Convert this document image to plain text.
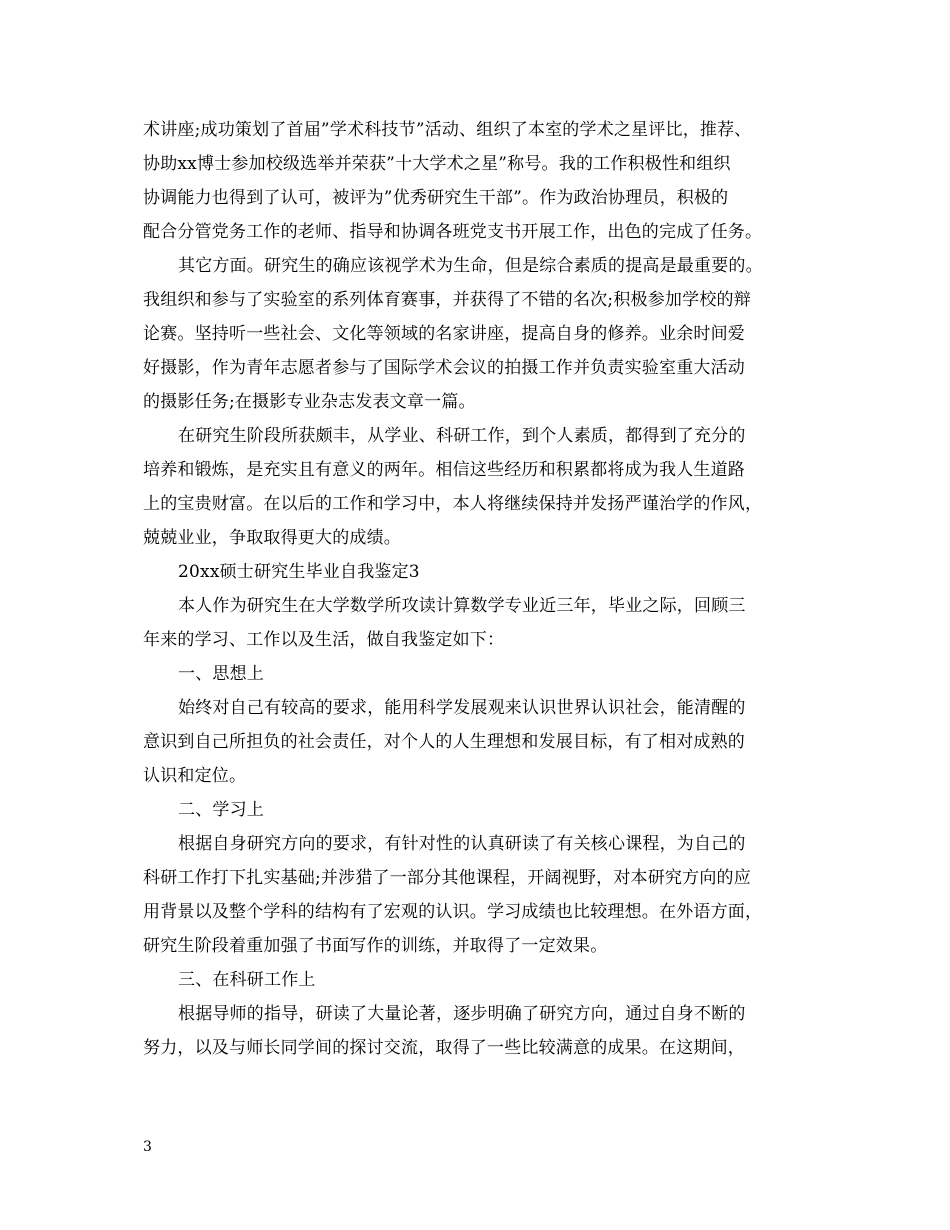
术讲座;成功策划了首届”学术科技节”活动、组织了本室的学术之星评比，推荐、
协助xx博士参加校级选举并荣获”十大学术之星”称号。我的工作积极性和组织
协调能力也得到了认可，被评为”优秀研究生干部”。作为政治协理员，积极的
配合分管党务工作的老师、指导和协调各班党支书开展工作，出色的完成了任务。
其它方面。研究生的确应该视学术为生命，但是综合素质的提高是最重要的。
我组织和参与了实验室的系列体育赛事，并获得了不错的名次;积极参加学校的辩
论赛。坚持听一些社会、文化等领域的名家讲座，提高自身的修养。业余时间爱
好摄影，作为青年志愿者参与了国际学术会议的拍摄工作并负责实验室重大活动
的摄影任务;在摄影专业杂志发表文章一篇。
在研究生阶段所获颇丰，从学业、科研工作，到个人素质，都得到了充分的
培养和锻炼，是充实且有意义的两年。相信这些经历和积累都将成为我人生道路
上的宝贵财富。在以后的工作和学习中，本人将继续保持并发扬严谨治学的作风，
兢兢业业，争取取得更大的成绩。
20xx硕士研究生毕业自我鉴定3
本人作为研究生在大学数学所攻读计算数学专业近三年，毕业之际，回顾三
年来的学习、工作以及生活，做自我鉴定如下：
一、思想上
始终对自己有较高的要求，能用科学发展观来认识世界认识社会，能清醒的
意识到自己所担负的社会责任，对个人的人生理想和发展目标，有了相对成熟的
认识和定位。
二、学习上
根据自身研究方向的要求，有针对性的认真研读了有关核心课程，为自己的
科研工作打下扎实基础;并涉猎了一部分其他课程，开阔视野，对本研究方向的应
用背景以及整个学科的结构有了宏观的认识。学习成绩也比较理想。在外语方面，
研究生阶段着重加强了书面写作的训练，并取得了一定效果。
三、在科研工作上
根据导师的指导，研读了大量论著，逐步明确了研究方向，通过自身不断的
努力，以及与师长同学间的探讨交流，取得了一些比较满意的成果。在这期间，
3
